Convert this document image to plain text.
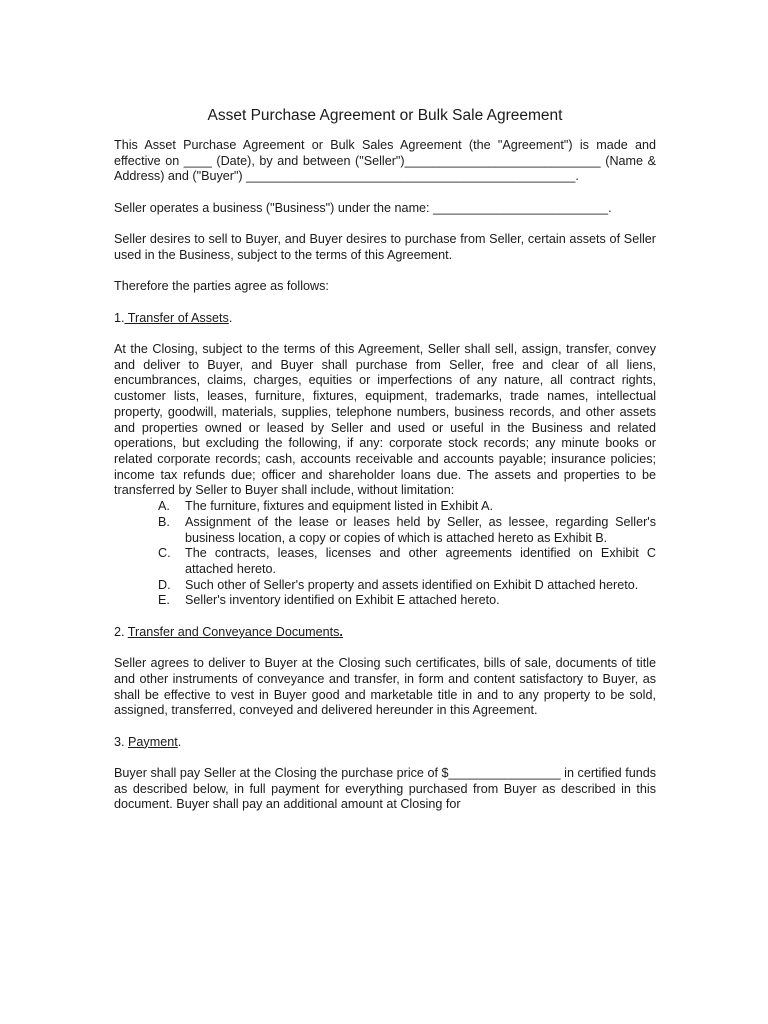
Asset Purchase Agreement or Bulk Sale Agreement

This Asset Purchase Agreement or Bulk Sales Agreement (the "Agreement") is made and effective on ____ (Date), by and between ("Seller")____________________________ (Name & Address) and ("Buyer") _______________________________________________.

Seller operates a business ("Business") under the name: _________________________.

Seller desires to sell to Buyer, and Buyer desires to purchase from Seller, certain assets of Seller used in the Business, subject to the terms of this Agreement.

Therefore the parties agree as follows:

1. Transfer of Assets.

At the Closing, subject to the terms of this Agreement, Seller shall sell, assign, transfer, convey and deliver to Buyer, and Buyer shall purchase from Seller, free and clear of all liens, encumbrances, claims, charges, equities or imperfections of any nature, all contract rights, customer lists, leases, furniture, fixtures, equipment, trademarks, trade names, intellectual property, goodwill, materials, supplies, telephone numbers, business records, and other assets and properties owned or leased by Seller and used or useful in the Business and related operations, but excluding the following, if any: corporate stock records; any minute books or related corporate records; cash, accounts receivable and accounts payable; insurance policies; income tax refunds due; officer and shareholder loans due. The assets and properties to be transferred by Seller to Buyer shall include, without limitation:
A. The furniture, fixtures and equipment listed in Exhibit A.
B. Assignment of the lease or leases held by Seller, as lessee, regarding Seller's business location, a copy or copies of which is attached hereto as Exhibit B.
C. The contracts, leases, licenses and other agreements identified on Exhibit C attached hereto.
D. Such other of Seller's property and assets identified on Exhibit D attached hereto.
E. Seller's inventory identified on Exhibit E attached hereto.

2. Transfer and Conveyance Documents.

Seller agrees to deliver to Buyer at the Closing such certificates, bills of sale, documents of title and other instruments of conveyance and transfer, in form and content satisfactory to Buyer, as shall be effective to vest in Buyer good and marketable title in and to any property to be sold, assigned, transferred, conveyed and delivered hereunder in this Agreement.

3. Payment.

Buyer shall pay Seller at the Closing the purchase price of $________________ in certified funds as described below, in full payment for everything purchased from Buyer as described in this document. Buyer shall pay an additional amount at Closing for
